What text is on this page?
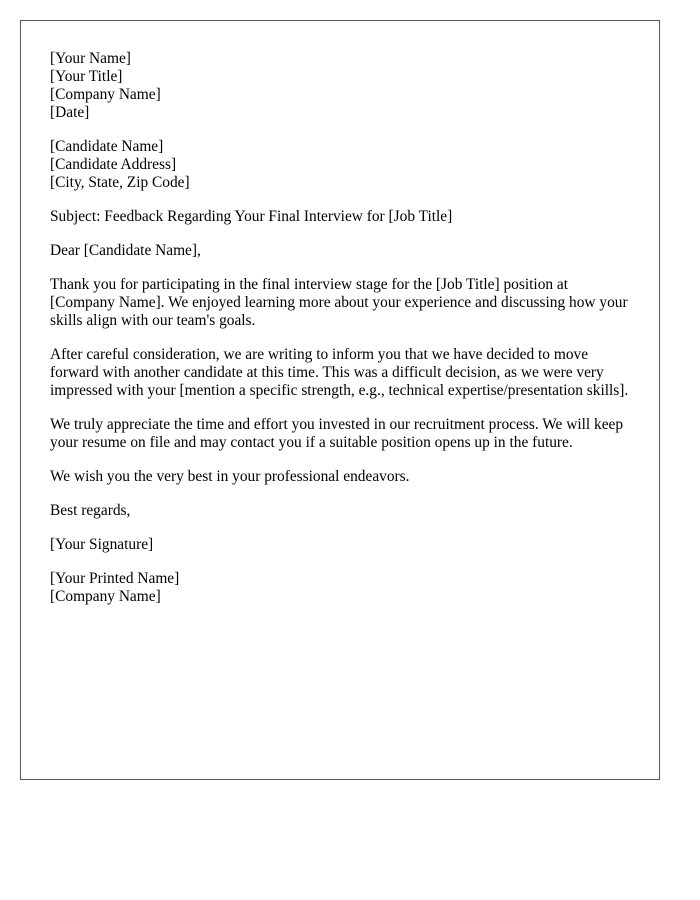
[Your Name]
[Your Title]
[Company Name]
[Date]
[Candidate Name]
[Candidate Address]
[City, State, Zip Code]

Subject: Feedback Regarding Your Final Interview for [Job Title]

Dear [Candidate Name],

Thank you for participating in the final interview stage for the [Job Title] position at [Company Name]. We enjoyed learning more about your experience and discussing how your skills align with our team's goals.

After careful consideration, we are writing to inform you that we have decided to move forward with another candidate at this time. This was a difficult decision, as we were very impressed with your [mention a specific strength, e.g., technical expertise/presentation skills].

We truly appreciate the time and effort you invested in our recruitment process. We will keep your resume on file and may contact you if a suitable position opens up in the future.

We wish you the very best in your professional endeavors.

Best regards,

[Your Signature]

[Your Printed Name]
[Company Name]
